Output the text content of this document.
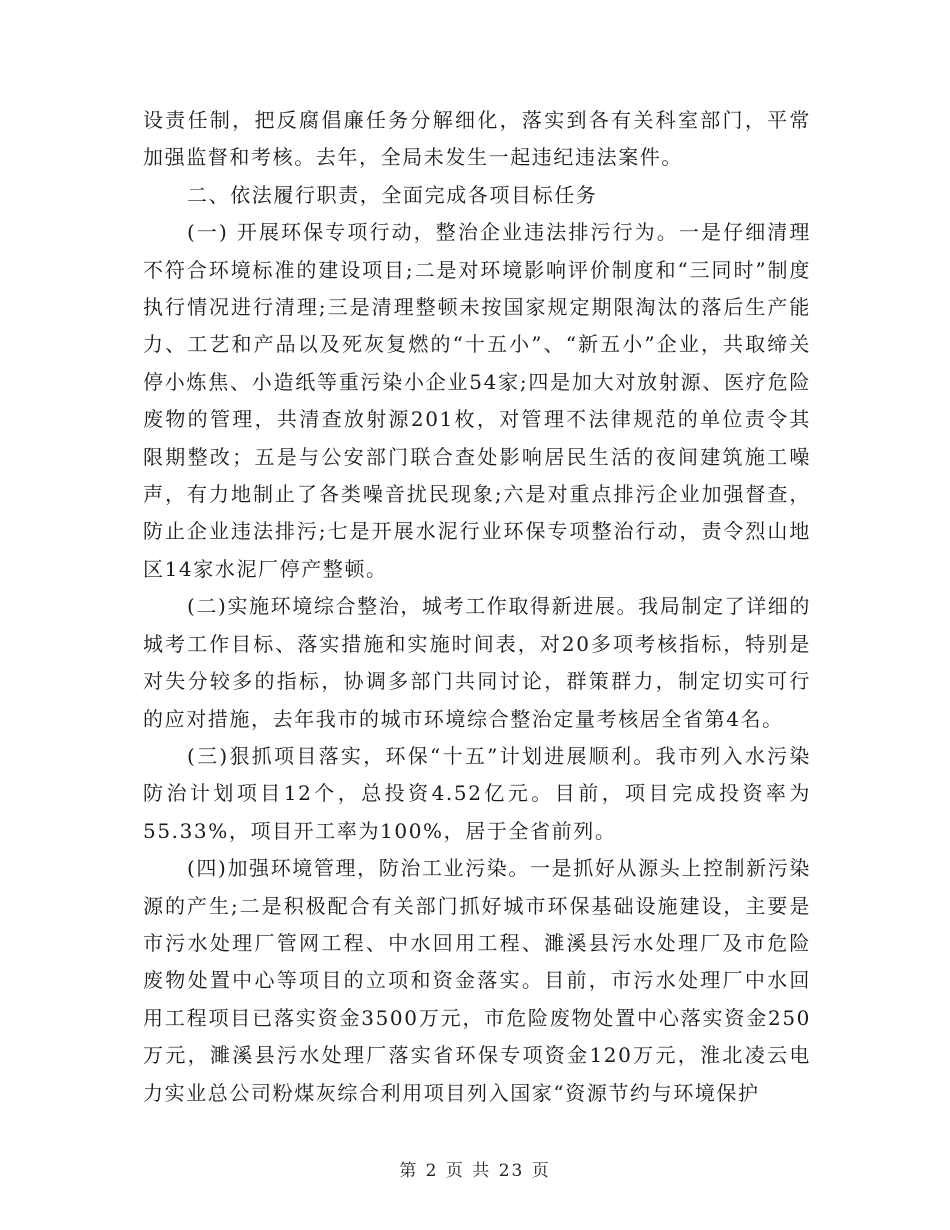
设责任制，把反腐倡廉任务分解细化，落实到各有关科室部门，平常加强监督和考核。去年，全局未发生一起违纪违法案件。

二、依法履行职责，全面完成各项目标任务

(一) 开展环保专项行动，整治企业违法排污行为。一是仔细清理不符合环境标准的建设项目;二是对环境影响评价制度和“三同时”制度执行情况进行清理;三是清理整顿未按国家规定期限淘汰的落后生产能力、工艺和产品以及死灰复燃的“十五小”、“新五小”企业，共取缔关停小炼焦、小造纸等重污染小企业54家;四是加大对放射源、医疗危险废物的管理，共清查放射源201枚，对管理不法律规范的单位责令其限期整改；五是与公安部门联合查处影响居民生活的夜间建筑施工噪声，有力地制止了各类噪音扰民现象;六是对重点排污企业加强督查，防止企业违法排污;七是开展水泥行业环保专项整治行动，责令烈山地区14家水泥厂停产整顿。

(二)实施环境综合整治，城考工作取得新进展。我局制定了详细的城考工作目标、落实措施和实施时间表，对20多项考核指标，特别是对失分较多的指标，协调多部门共同讨论，群策群力，制定切实可行的应对措施，去年我市的城市环境综合整治定量考核居全省第4名。

(三)狠抓项目落实，环保“十五”计划进展顺利。我市列入水污染防治计划项目12个，总投资4.52亿元。目前，项目完成投资率为55.33%，项目开工率为100%，居于全省前列。

(四)加强环境管理，防治工业污染。一是抓好从源头上控制新污染源的产生;二是积极配合有关部门抓好城市环保基础设施建设，主要是市污水处理厂管网工程、中水回用工程、濉溪县污水处理厂及市危险废物处置中心等项目的立项和资金落实。目前，市污水处理厂中水回用工程项目已落实资金3500万元，市危险废物处置中心落实资金250万元，濉溪县污水处理厂落实省环保专项资金120万元，淮北凌云电力实业总公司粉煤灰综合利用项目列入国家“资源节约与环境保护

第 2 页 共 23 页
